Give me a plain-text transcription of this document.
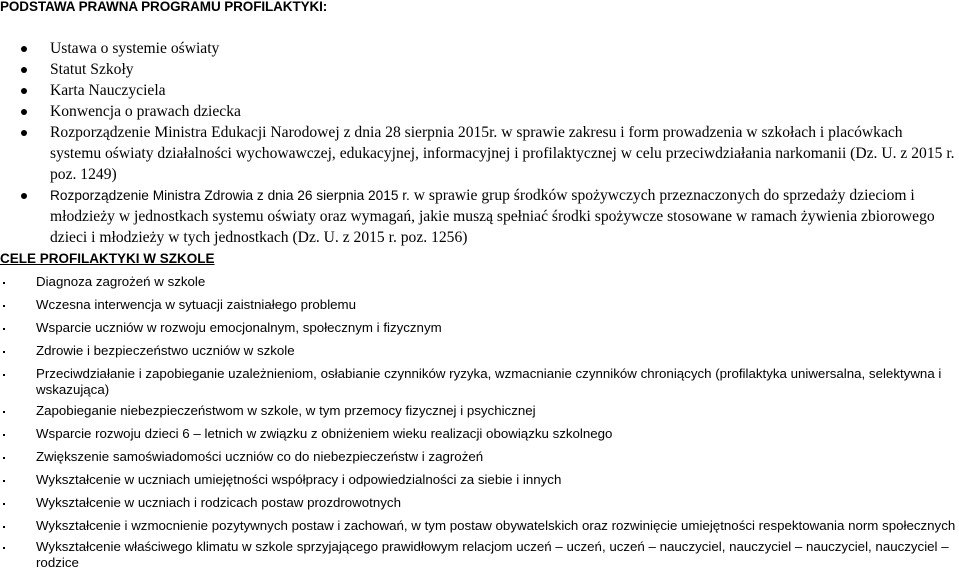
PODSTAWA PRAWNA PROGRAMU PROFILAKTYKI:
Ustawa o systemie oświaty
Statut Szkoły
Karta Nauczyciela
Konwencja o prawach dziecka
Rozporządzenie Ministra Edukacji Narodowej z dnia 28 sierpnia 2015r. w sprawie zakresu i form prowadzenia w szkołach i placówkach systemu oświaty działalności wychowawczej, edukacyjnej, informacyjnej i profilaktycznej w celu przeciwdziałania narkomanii (Dz. U. z 2015 r. poz. 1249)
Rozporządzenie Ministra Zdrowia z dnia 26 sierpnia 2015 r. w sprawie grup środków spożywczych przeznaczonych do sprzedaży dzieciom i młodzieży w jednostkach systemu oświaty oraz wymagań, jakie muszą spełniać środki spożywcze stosowane w ramach żywienia zbiorowego dzieci i młodzieży w tych jednostkach (Dz. U. z 2015 r. poz. 1256)
CELE PROFILAKTYKI W SZKOLE
Diagnoza zagrożeń w szkole
Wczesna interwencja w sytuacji zaistniałego problemu
Wsparcie uczniów w rozwoju emocjonalnym, społecznym i fizycznym
Zdrowie i bezpieczeństwo uczniów w szkole
Przeciwdziałanie i zapobieganie uzależnieniom, osłabianie czynników ryzyka, wzmacnianie czynników chroniących (profilaktyka uniwersalna, selektywna i wskazująca)
Zapobieganie niebezpieczeństwom w szkole, w tym przemocy fizycznej i psychicznej
Wsparcie rozwoju dzieci 6 – letnich w związku z obniżeniem wieku realizacji obowiązku szkolnego
Zwiększenie samoświadomości uczniów co do niebezpieczeństw i zagrożeń
Wykształcenie w uczniach umiejętności współpracy i odpowiedzialności za siebie i innych
Wykształcenie w uczniach i rodzicach postaw prozdrowotnych
Wykształcenie i wzmocnienie pozytywnych postaw i zachowań, w tym postaw obywatelskich oraz rozwinięcie umiejętności respektowania norm społecznych
Wykształcenie właściwego klimatu w szkole sprzyjającego prawidłowym relacjom uczeń – uczeń, uczeń – nauczyciel, nauczyciel – nauczyciel, nauczyciel – rodzice
